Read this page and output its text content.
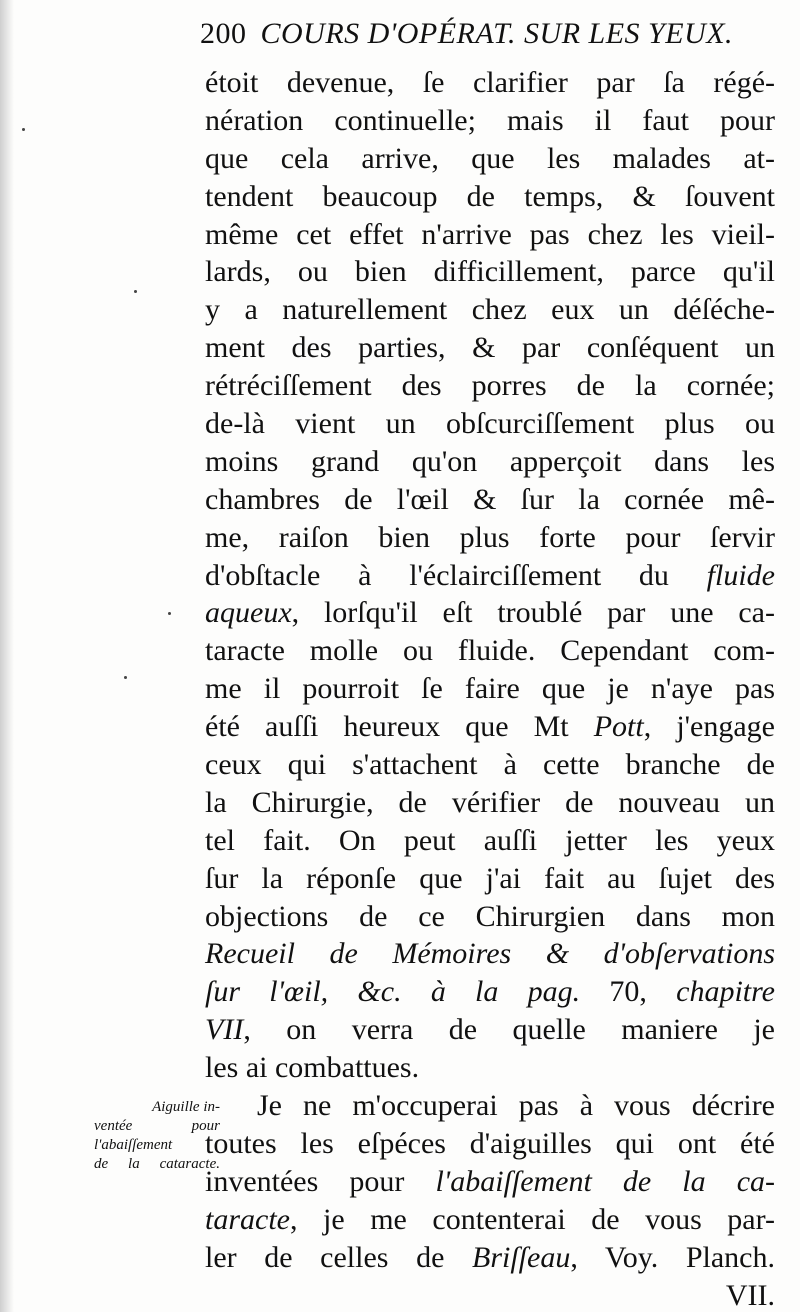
200 COURS D'OPÉRAT. SUR LES YEUX.
étoit devenue, ſe clarifier par ſa régé-
nération continuelle; mais il faut pour
que cela arrive, que les malades at-
tendent beaucoup de temps, & ſouvent
même cet effet n'arrive pas chez les vieil-
lards, ou bien difficillement, parce qu'il
y a naturellement chez eux un déſéche-
ment des parties, & par conſéquent un
rétréciſſement des porres de la cornée;
de-là vient un obſcurciſſement plus ou
moins grand qu'on apperçoit dans les
chambres de l'œil & ſur la cornée mê-
me, raiſon bien plus forte pour ſervir
d'obſtacle à l'éclairciſſement du fluide
aqueux, lorſqu'il eſt troublé par une ca-
taracte molle ou fluide. Cependant com-
me il pourroit ſe faire que je n'aye pas
été auſſi heureux que Mt Pott, j'engage
ceux qui s'attachent à cette branche de
la Chirurgie, de vérifier de nouveau un
tel fait. On peut auſſi jetter les yeux
ſur la réponſe que j'ai fait au ſujet des
objections de ce Chirurgien dans mon
Recueil de Mémoires & d'obſervations
ſur l'œil, &c. à la pag. 70, chapitre
VII, on verra de quelle maniere je
les ai combattues.
Je ne m'occuperai pas à vous décrire
toutes les eſpéces d'aiguilles qui ont été
inventées pour l'abaiſſement de la ca-
taracte, je me contenterai de vous par-
ler de celles de Briſſeau, Voy. Planch.
VII.
Aiguille in-
ventée pour
l'abaiſſement
de la cataracte.
